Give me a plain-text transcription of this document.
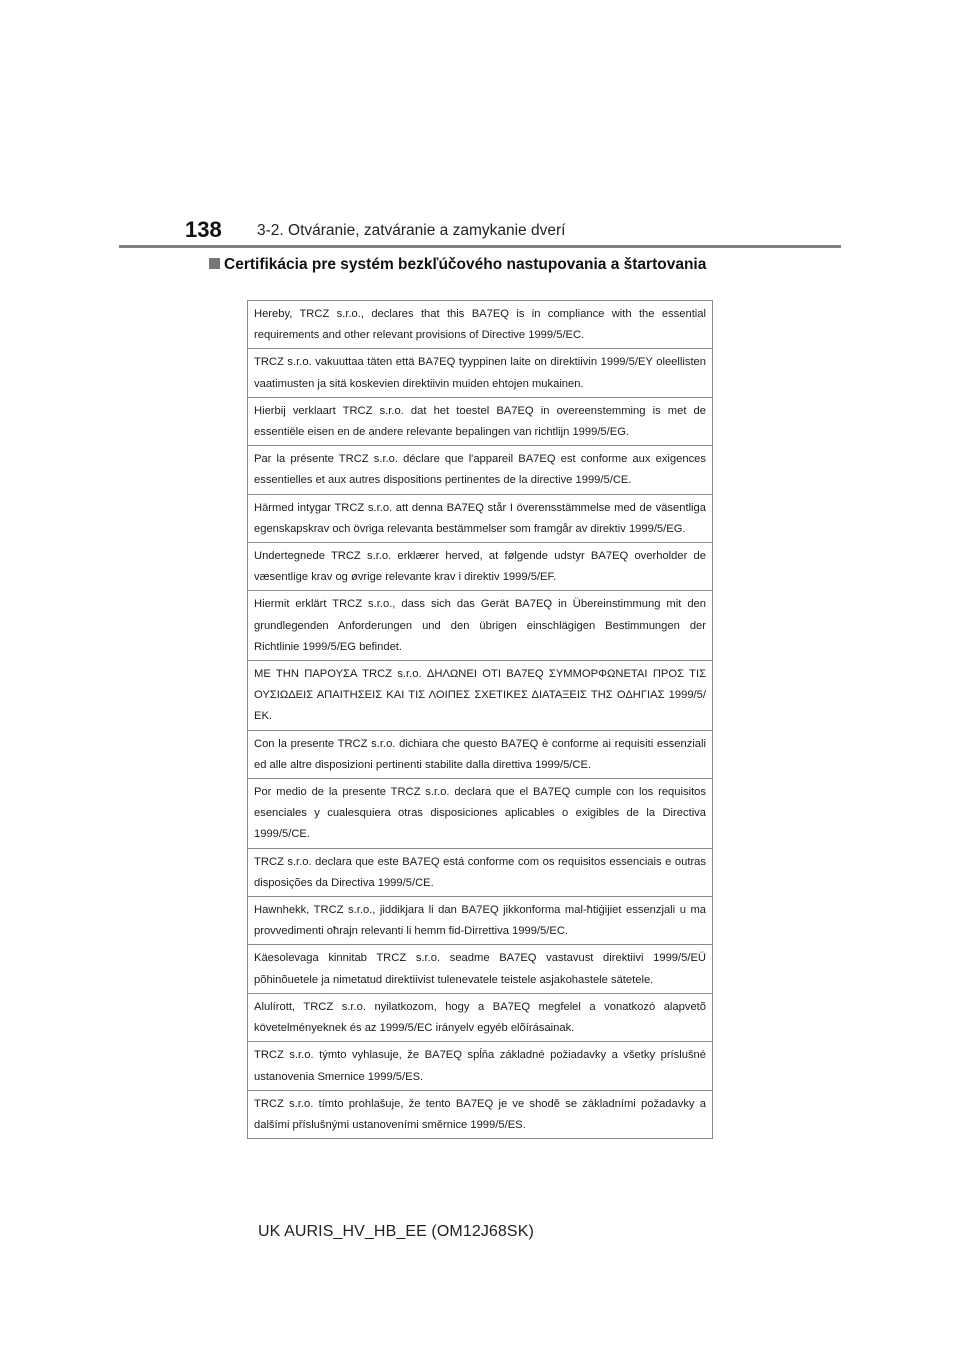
138 3-2. Otváranie, zatváranie a zamykanie dverí
Certifikácia pre systém bezkľúčového nastupovania a štartovania
Hereby, TRCZ s.r.o., declares that this BA7EQ is in compliance with the essential requirements and other relevant provisions of Directive 1999/5/EC.
TRCZ s.r.o. vakuuttaa täten että BA7EQ tyyppinen laite on direktiivin 1999/5/EY oleellisten vaatimusten ja sitä koskevien direktiivin muiden ehtojen mukainen.
Hierbij verklaart TRCZ s.r.o. dat het toestel BA7EQ in overeenstemming is met de essentiële eisen en de andere relevante bepalingen van richtlijn 1999/5/EG.
Par la présente TRCZ s.r.o. déclare que l'appareil BA7EQ est conforme aux exigences essentielles et aux autres dispositions pertinentes de la directive 1999/5/CE.
Härmed intygar TRCZ s.r.o. att denna BA7EQ står I överensstämmelse med de väsentliga egenskapskrav och övriga relevanta bestämmelser som framgår av direktiv 1999/5/EG.
Undertegnede TRCZ s.r.o. erklærer herved, at følgende udstyr BA7EQ overholder de væsentlige krav og øvrige relevante krav i direktiv 1999/5/EF.
Hiermit erklärt TRCZ s.r.o., dass sich das Gerät BA7EQ in Übereinstimmung mit den grundlegenden Anforderungen und den übrigen einschlägigen Bestimmungen der Richtlinie 1999/5/EG befindet.
ΜΕ ΤΗΝ ΠΑΡΟΥΣΑ TRCZ s.r.o. ΔΗΛΩΝΕΙ ΟΤΙ BA7EQ ΣΥΜΜΟΡΦΩΝΕΤΑΙ ΠΡΟΣ ΤΙΣ ΟΥΣΙΩΔΕΙΣ ΑΠΑΙΤΗΣΕΙΣ ΚΑΙ ΤΙΣ ΛΟΙΠΕΣ ΣΧΕΤΙΚΕΣ ΔΙΑΤΑΞΕΙΣ ΤΗΣ ΟΔΗΓΙΑΣ 1999/5/ΕΚ.
Con la presente TRCZ s.r.o. dichiara che questo BA7EQ è conforme ai requisiti essenziali ed alle altre disposizioni pertinenti stabilite dalla direttiva 1999/5/CE.
Por medio de la presente TRCZ s.r.o. declara que el BA7EQ cumple con los requisitos esenciales y cualesquiera otras disposiciones aplicables o exigibles de la Directiva 1999/5/CE.
TRCZ s.r.o. declara que este BA7EQ está conforme com os requisitos essenciais e outras disposições da Directiva 1999/5/CE.
Hawnhekk, TRCZ s.r.o., jiddikjara li dan BA7EQ jikkonforma mal-ħtiġijiet essenzjali u ma provvedimenti oħrajn relevanti li hemm fid-Dirrettiva 1999/5/EC.
Käesolevaga kinnitab TRCZ s.r.o. seadme BA7EQ vastavust direktiivi 1999/5/EÜ põhinõuetele ja nimetatud direktiivist tulenevatele teistele asjakohastele sätetele.
Alulírott, TRCZ s.r.o. nyilatkozom, hogy a BA7EQ megfelel a vonatkozó alapvetõ követelményeknek és az 1999/5/EC irányelv egyéb elõírásainak.
TRCZ s.r.o. týmto vyhlasuje, že BA7EQ spĺňa základné požiadavky a všetky príslušné ustanovenia Smernice 1999/5/ES.
TRCZ s.r.o. tímto prohlašuje, že tento BA7EQ je ve shodě se základními požadavky a dalšími příslušnými ustanoveními směrnice 1999/5/ES.
UK AURIS_HV_HB_EE (OM12J68SK)
